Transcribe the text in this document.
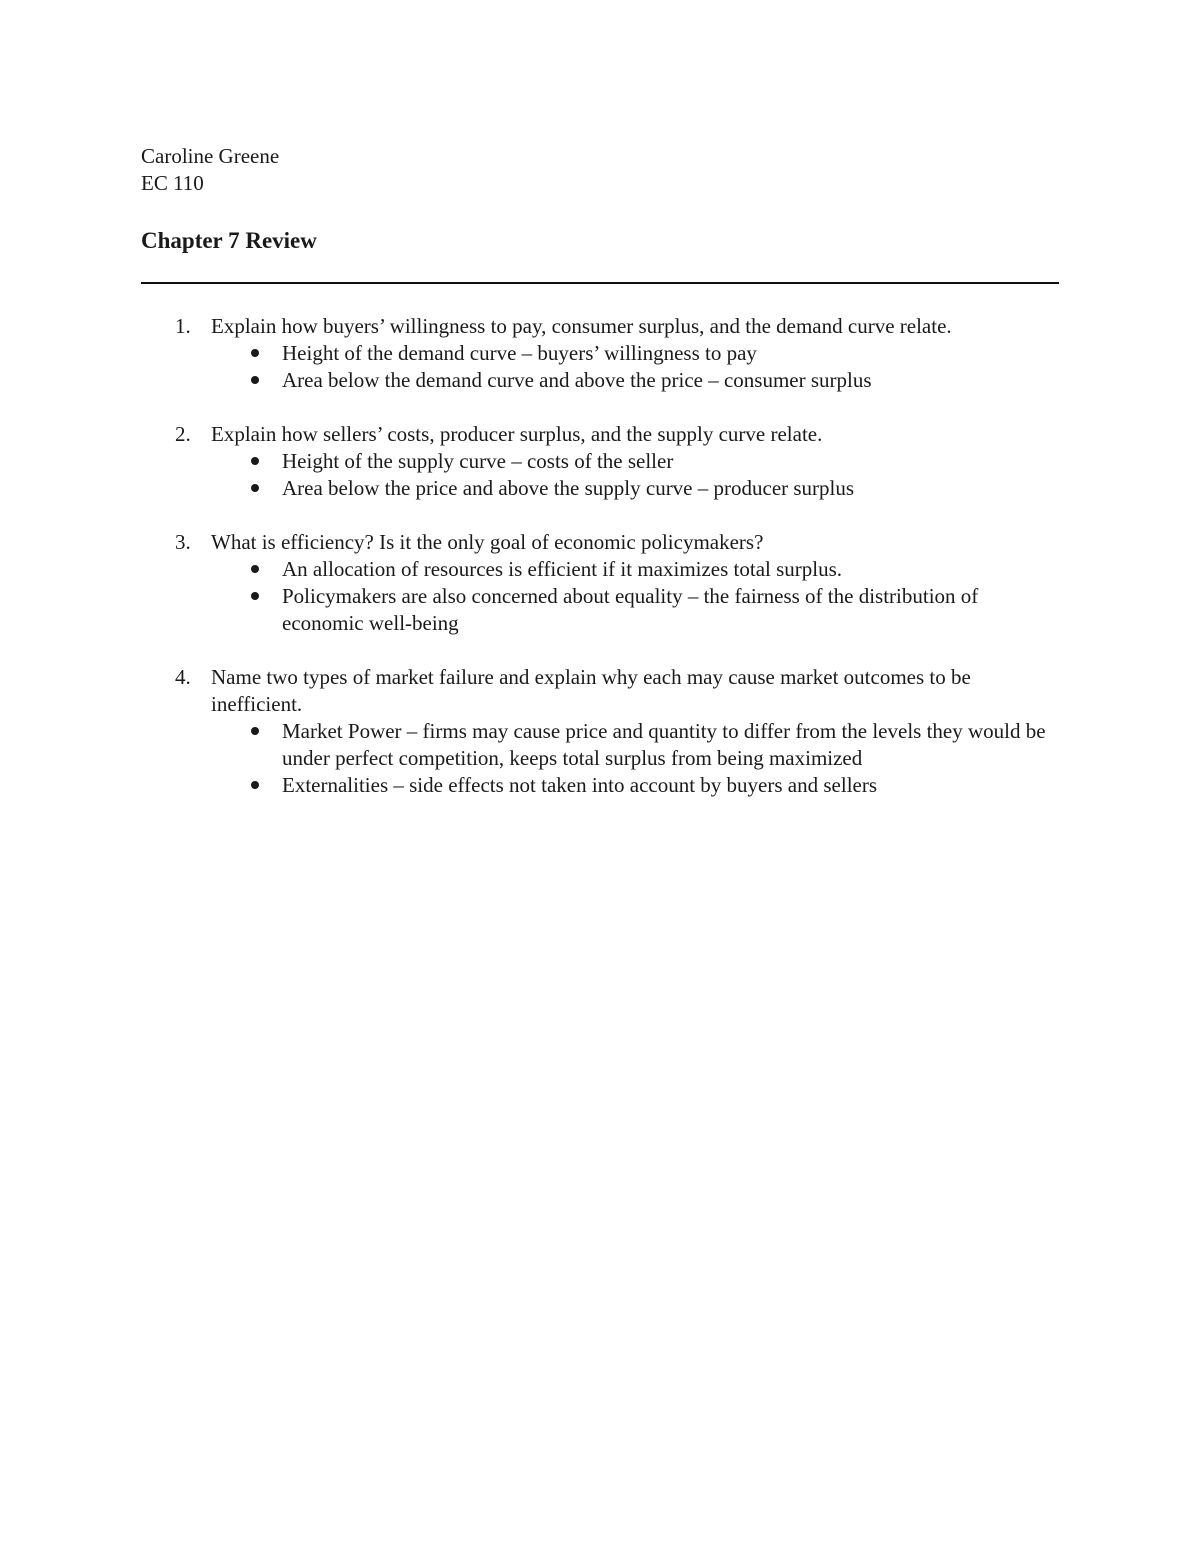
Caroline Greene
EC 110
Chapter 7 Review
1. Explain how buyers’ willingness to pay, consumer surplus, and the demand curve relate.
Height of the demand curve – buyers’ willingness to pay
Area below the demand curve and above the price – consumer surplus
2. Explain how sellers’ costs, producer surplus, and the supply curve relate.
Height of the supply curve – costs of the seller
Area below the price and above the supply curve – producer surplus
3. What is efficiency? Is it the only goal of economic policymakers?
An allocation of resources is efficient if it maximizes total surplus.
Policymakers are also concerned about equality – the fairness of the distribution of economic well-being
4. Name two types of market failure and explain why each may cause market outcomes to be inefficient.
Market Power – firms may cause price and quantity to differ from the levels they would be under perfect competition, keeps total surplus from being maximized
Externalities – side effects not taken into account by buyers and sellers
